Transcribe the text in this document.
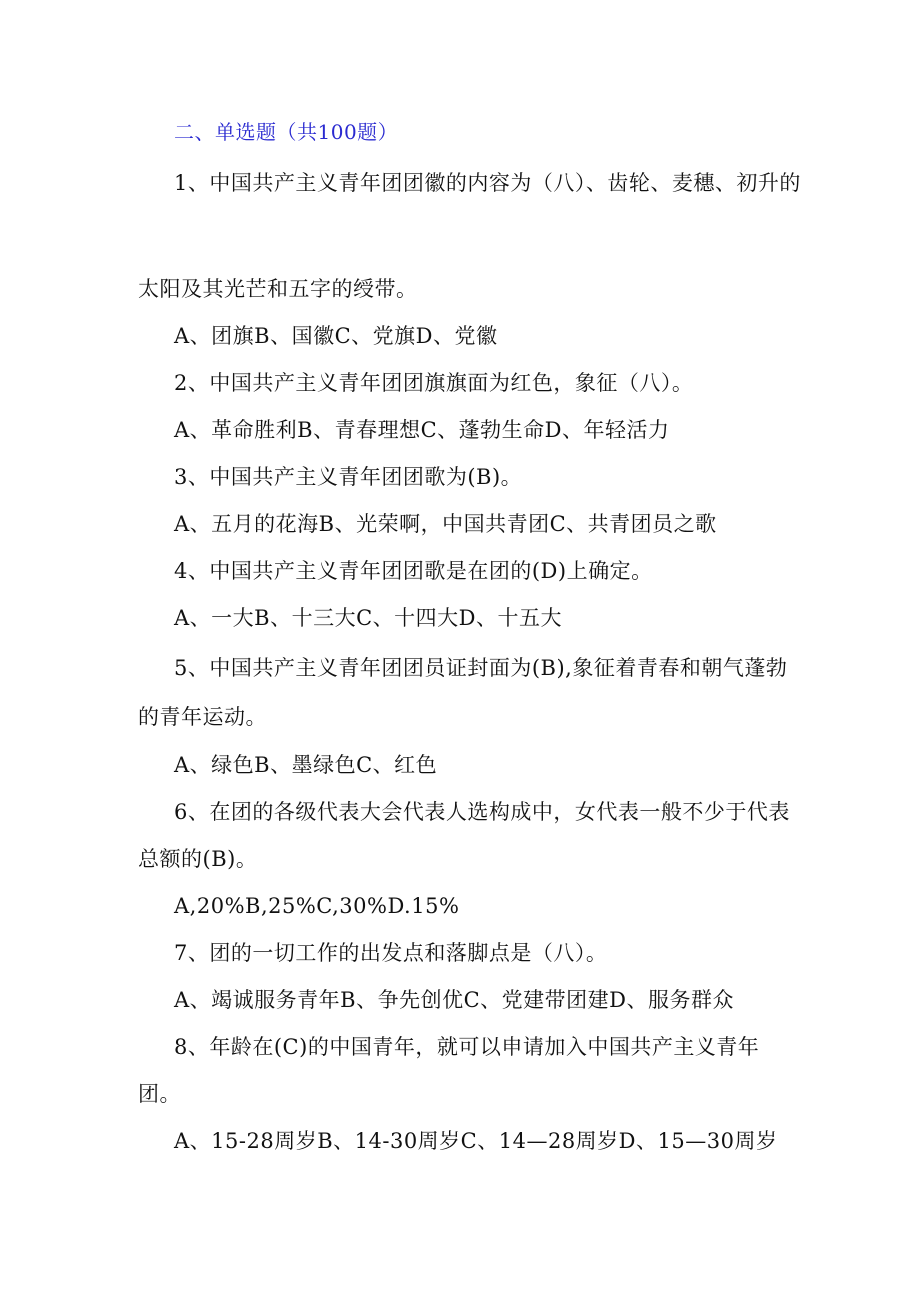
二、单选题（共100题）
1、中国共产主义青年团团徽的内容为（八）、齿轮、麦穗、初升的
太阳及其光芒和五字的绶带。
A、团旗B、国徽C、党旗D、党徽
2、中国共产主义青年团团旗旗面为红色，象征（八）。
A、革命胜利B、青春理想C、蓬勃生命D、年轻活力
3、中国共产主义青年团团歌为(B)。
A、五月的花海B、光荣啊，中国共青团C、共青团员之歌
4、中国共产主义青年团团歌是在团的(D)上确定。
A、一大B、十三大C、十四大D、十五大
5、中国共产主义青年团团员证封面为(B),象征着青春和朝气蓬勃
的青年运动。
A、绿色B、墨绿色C、红色
6、在团的各级代表大会代表人选构成中，女代表一般不少于代表
总额的(B)。
A,20%B,25%C,30%D.15%
7、团的一切工作的出发点和落脚点是（八）。
A、竭诚服务青年B、争先创优C、党建带团建D、服务群众
8、年龄在(C)的中国青年，就可以申请加入中国共产主义青年
团。
A、15-28周岁B、14-30周岁C、14—28周岁D、15—30周岁
